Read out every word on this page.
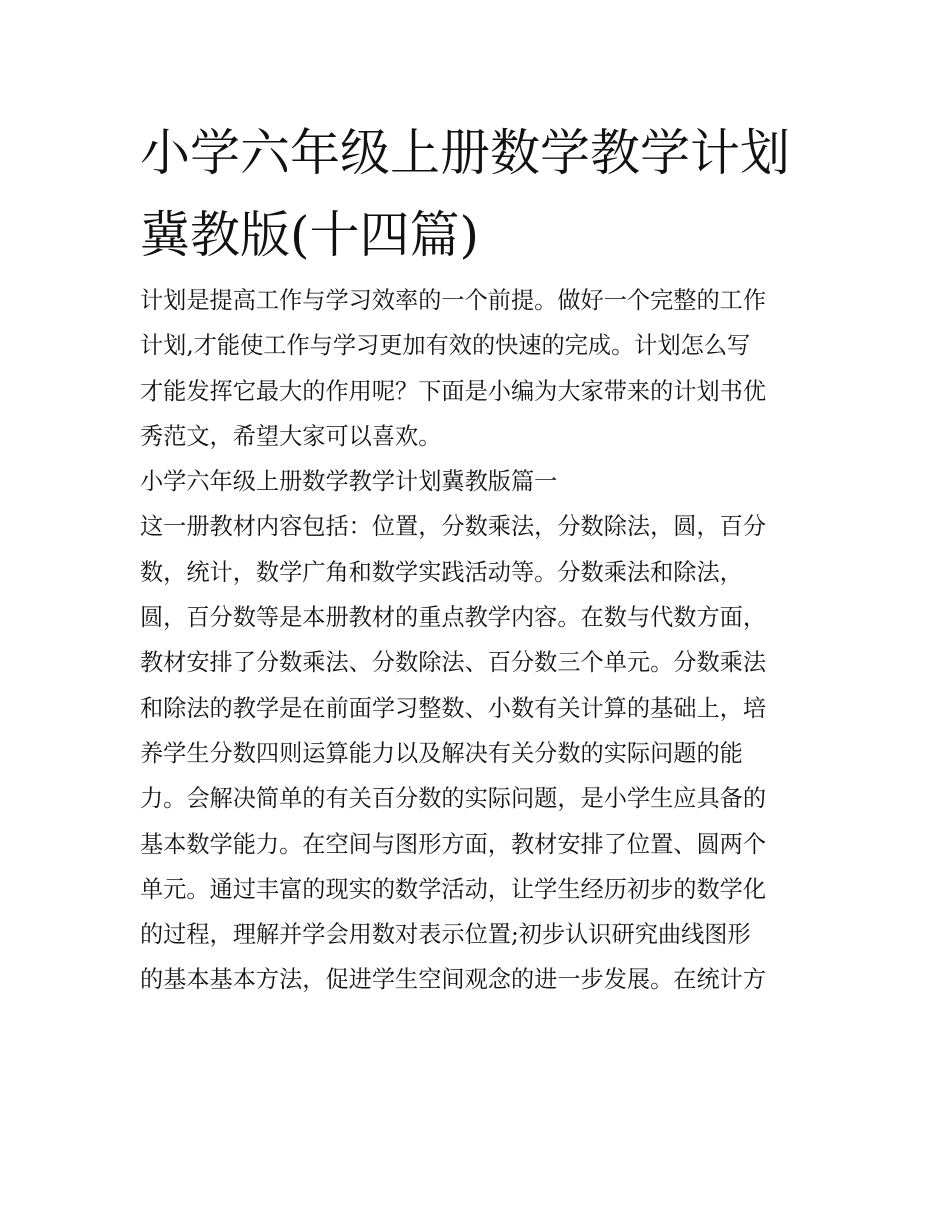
小学六年级上册数学教学计划
冀教版(十四篇)
计划是提高工作与学习效率的一个前提。做好一个完整的工作
计划,才能使工作与学习更加有效的快速的完成。计划怎么写
才能发挥它最大的作用呢？下面是小编为大家带来的计划书优
秀范文，希望大家可以喜欢。
小学六年级上册数学教学计划冀教版篇一
这一册教材内容包括：位置，分数乘法，分数除法，圆，百分
数，统计，数学广角和数学实践活动等。分数乘法和除法，
圆，百分数等是本册教材的重点教学内容。在数与代数方面，
教材安排了分数乘法、分数除法、百分数三个单元。分数乘法
和除法的教学是在前面学习整数、小数有关计算的基础上，培
养学生分数四则运算能力以及解决有关分数的实际问题的能
力。会解决简单的有关百分数的实际问题，是小学生应具备的
基本数学能力。在空间与图形方面，教材安排了位置、圆两个
单元。通过丰富的现实的数学活动，让学生经历初步的数学化
的过程，理解并学会用数对表示位置;初步认识研究曲线图形
的基本基本方法，促进学生空间观念的进一步发展。在统计方
